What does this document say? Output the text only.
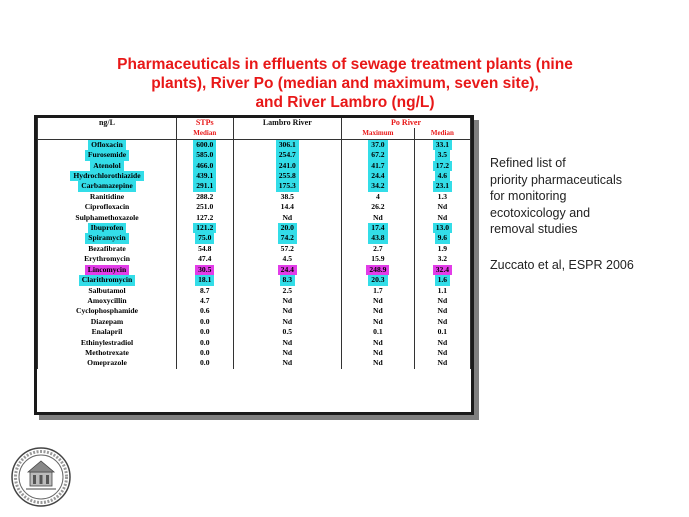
Pharmaceuticals in effluents of sewage treatment plants (nine
plants), River Po (median and maximum, seven site),
and River Lambro (ng/L)
ng/L	STPs	Lambro River	Po River	
	Median		Maximum	Median
Ofloxacin	600.0	306.1	37.0	33.1
Furosemide	585.0	254.7	67.2	3.5
Atenolol	466.0	241.0	41.7	17.2
Hydrochlorothiazide	439.1	255.8	24.4	4.6
Carbamazepine	291.1	175.3	34.2	23.1
Ranitidine	288.2	38.5	4	1.3
Ciprofloxacin	251.0	14.4	26.2	Nd
Sulphamethoxazole	127.2	Nd	Nd	Nd
Ibuprofen	121.2	20.0	17.4	13.0
Spiramycin	75.0	74.2	43.8	9.6
Bezafibrate	54.8	57.2	2.7	1.9
Erythromycin	47.4	4.5	15.9	3.2
Lincomycin	30.5	24.4	248.9	32.4
Clarithromycin	18.1	8.3	20.3	1.6
Salbutamol	8.7	2.5	1.7	1.1
Amoxycillin	4.7	Nd	Nd	Nd
Cyclophosphamide	0.6	Nd	Nd	Nd
Diazepam	0.0	Nd	Nd	Nd
Enalapril	0.0	0.5	0.1	0.1
Ethinylestradiol	0.0	Nd	Nd	Nd
Methotrexate	0.0	Nd	Nd	Nd
Omeprazole	0.0	Nd	Nd	Nd
Refined list of
priority pharmaceuticals
for monitoring
ecotoxicology and
removal studies
Zuccato et al, ESPR 2006
